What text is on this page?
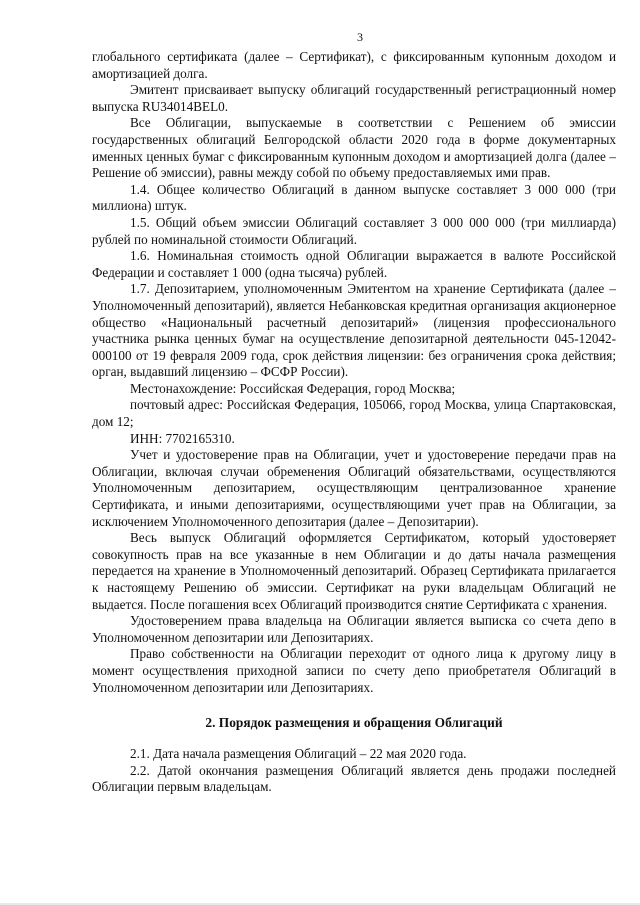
3

глобального сертификата (далее – Сертификат), с фиксированным купонным доходом и амортизацией долга.

Эмитент присваивает выпуску облигаций государственный регистрационный номер выпуска RU34014BEL0.

Все Облигации, выпускаемые в соответствии с Решением об эмиссии государственных облигаций Белгородской области 2020 года в форме документарных именных ценных бумаг с фиксированным купонным доходом и амортизацией долга (далее – Решение об эмиссии), равны между собой по объему предоставляемых ими прав.

1.4. Общее количество Облигаций в данном выпуске составляет 3 000 000 (три миллиона) штук.

1.5. Общий объем эмиссии Облигаций составляет 3 000 000 000 (три миллиарда) рублей по номинальной стоимости Облигаций.

1.6. Номинальная стоимость одной Облигации выражается в валюте Российской Федерации и составляет 1 000 (одна тысяча) рублей.

1.7. Депозитарием, уполномоченным Эмитентом на хранение Сертификата (далее – Уполномоченный депозитарий), является Небанковская кредитная организация акционерное общество «Национальный расчетный депозитарий» (лицензия профессионального участника рынка ценных бумаг на осуществление депозитарной деятельности 045-12042-000100 от 19 февраля 2009 года, срок действия лицензии: без ограничения срока действия; орган, выдавший лицензию – ФСФР России).

Местонахождение: Российская Федерация, город Москва;

почтовый адрес: Российская Федерация, 105066, город Москва, улица Спартаковская, дом 12;

ИНН: 7702165310.

Учет и удостоверение прав на Облигации, учет и удостоверение передачи прав на Облигации, включая случаи обременения Облигаций обязательствами, осуществляются Уполномоченным депозитарием, осуществляющим централизованное хранение Сертификата, и иными депозитариями, осуществляющими учет прав на Облигации, за исключением Уполномоченного депозитария (далее – Депозитарии).

Весь выпуск Облигаций оформляется Сертификатом, который удостоверяет совокупность прав на все указанные в нем Облигации и до даты начала размещения передается на хранение в Уполномоченный депозитарий. Образец Сертификата прилагается к настоящему Решению об эмиссии. Сертификат на руки владельцам Облигаций не выдается. После погашения всех Облигаций производится снятие Сертификата с хранения.

Удостоверением права владельца на Облигации является выписка со счета депо в Уполномоченном депозитарии или Депозитариях.

Право собственности на Облигации переходит от одного лица к другому лицу в момент осуществления приходной записи по счету депо приобретателя Облигаций в Уполномоченном депозитарии или Депозитариях.

2. Порядок размещения и обращения Облигаций

2.1. Дата начала размещения Облигаций – 22 мая 2020 года.

2.2. Датой окончания размещения Облигаций является день продажи последней Облигации первым владельцам.
